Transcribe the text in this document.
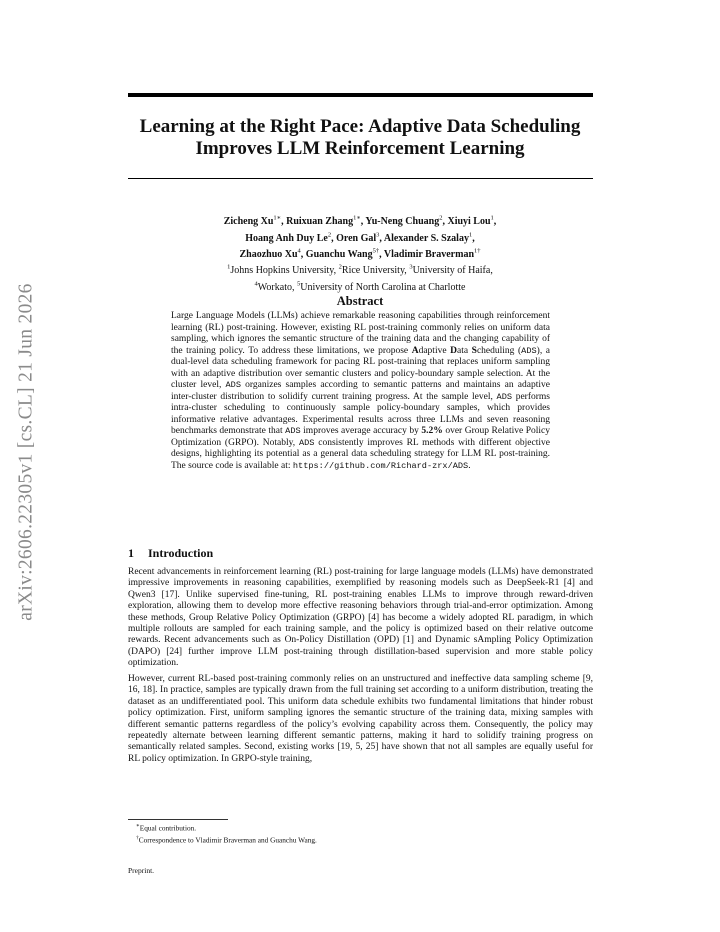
arXiv:2606.22305v1 [cs.CL] 21 Jun 2026
Learning at the Right Pace: Adaptive Data Scheduling Improves LLM Reinforcement Learning
Zicheng $Xu^{1∗}$, Ruixuan Zhang$^{1∗}$, Yu-Neng Chuang$^2$, Xiuyi Lou$^1$,
Hoang Anh Duy Le$^2$, Oren Gal$^3$, Alexander S. Szalay$^1$,
Zhaozhuo Xu$^4$, Guanchu Wang$^{5\dagger}$, Vladimir Braverman$^{1\dagger}$
$^1$Johns Hopkins University, $^2$Rice University, $^3$University of Haifa,
$^4$Workato, $^5$University of North Carolina at Charlotte
Abstract

Large Language Models (LLMs) achieve remarkable reasoning capabilities through reinforcement learning (RL) post-training. However, existing RL post-training commonly relies on uniform data sampling, which ignores the semantic structure of the training data and the changing capability of the training policy. To address these limitations, we propose Adaptive Data Scheduling (ADS), a dual-level data scheduling framework for pacing RL post-training that replaces uniform sampling with an adaptive distribution over semantic clusters and policy-boundary sample selection. At the cluster level, ADS organizes samples according to semantic patterns and maintains an adaptive inter-cluster distribution to solidify current training progress. At the sample level, ADS performs intra-cluster scheduling to continuously sample policy-boundary samples, which provides informative relative advantages. Experimental results across three LLMs and seven reasoning benchmarks demonstrate that ADS improves average accuracy by 5.2% over Group Relative Policy Optimization (GRPO). Notably, ADS consistently improves RL methods with different objective designs, highlighting its potential as a general data scheduling strategy for LLM RL post-training. The source code is available at: https://github.com/Richard-zrx/ADS.

1 Introduction

Recent advancements in reinforcement learning (RL) post-training for large language models (LLMs) have demonstrated impressive improvements in reasoning capabilities, exemplified by reasoning models such as DeepSeek-R1 [4] and Qwen3 [17]. Unlike supervised fine-tuning, RL post-training enables LLMs to improve through reward-driven exploration, allowing them to develop more effective reasoning behaviors through trial-and-error optimization. Among these methods, Group Relative Policy Optimization (GRPO) [4] has become a widely adopted RL paradigm, in which multiple rollouts are sampled for each training sample, and the policy is optimized based on their relative outcome rewards. Recent advancements such as On-Policy Distillation (OPD) [1] and Dynamic sAmpling Policy Optimization (DAPO) [24] further improve LLM post-training through distillation-based supervision and more stable policy optimization.

However, current RL-based post-training commonly relies on an unstructured and ineffective data sampling scheme [9, 16, 18]. In practice, samples are typically drawn from the full training set according to a uniform distribution, treating the dataset as an undifferentiated pool. This uniform data schedule exhibits two fundamental limitations that hinder robust policy optimization. First, uniform sampling ignores the semantic structure of the training data, mixing samples with different semantic patterns regardless of the policy’s evolving capability across them. Consequently, the policy may repeatedly alternate between learning different semantic patterns, making it hard to solidify training progress on semantically related samples. Second, existing works [19, 5, 25] have shown that not all samples are equally useful for RL policy optimization. In GRPO-style training,

∗Equal contribution.
†Correspondence to Vladimir Braverman and Guanchu Wang.

Preprint.
